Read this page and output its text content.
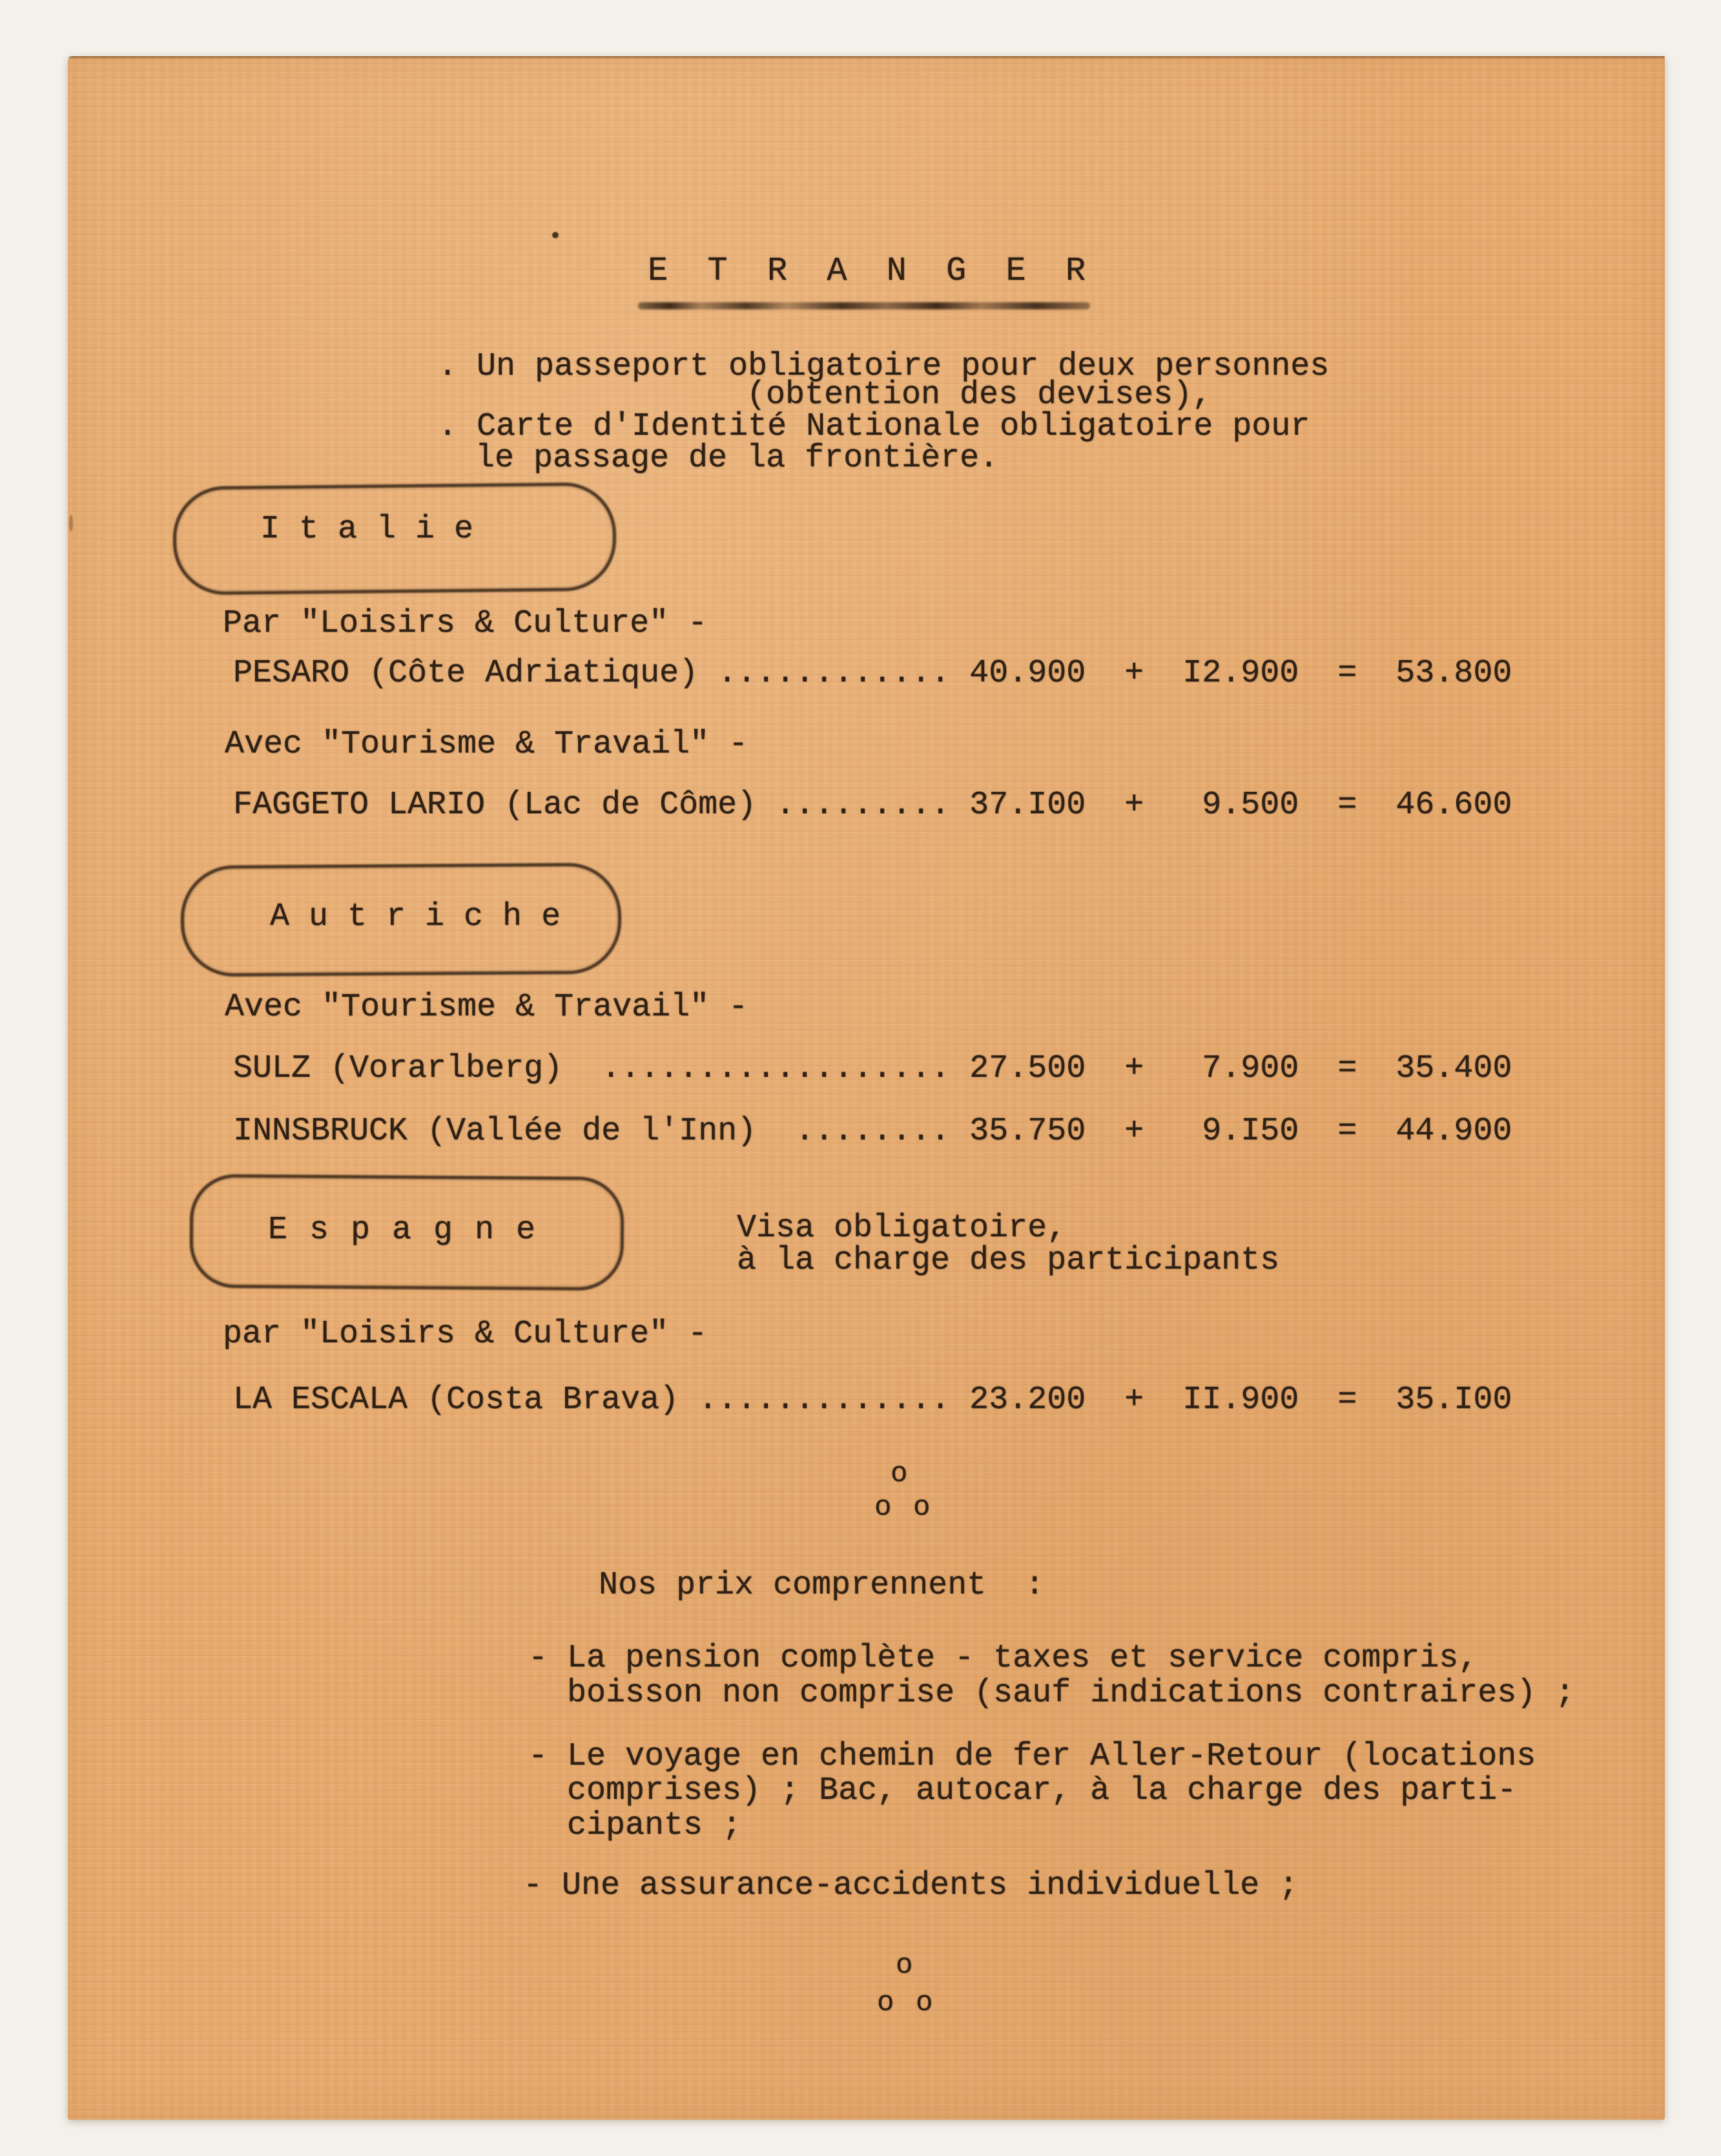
E T R A N G E R
. Un passeport obligatoire pour deux personnes
(obtention des devises),
. Carte d'Identité Nationale obligatoire pour
le passage de la frontière.
I t a l i e
Par "Loisirs & Culture" -
PESARO (Côte Adriatique) ............ 40.900  +  I2.900  =  53.800
Avec "Tourisme & Travail" -
FAGGETO LARIO (Lac de Côme) ......... 37.I00  +   9.500  =  46.600
A u t r i c h e
Avec "Tourisme & Travail" -
SULZ (Vorarlberg)  .................. 27.500  +   7.900  =  35.400
INNSBRUCK (Vallée de l'Inn)  ........ 35.750  +   9.I50  =  44.900
E s p a g n e	Visa obligatoire,
à la charge des participants
par "Loisirs & Culture" -
LA ESCALA (Costa Brava) ............. 23.200  +  II.900  =  35.I00
o
o o
Nos prix comprennent  :
- La pension complète - taxes et service compris,
boisson non comprise (sauf indications contraires) ;
- Le voyage en chemin de fer Aller-Retour (locations
comprises) ; Bac, autocar, à la charge des parti-
cipants ;
- Une assurance-accidents individuelle ;
o
o o
